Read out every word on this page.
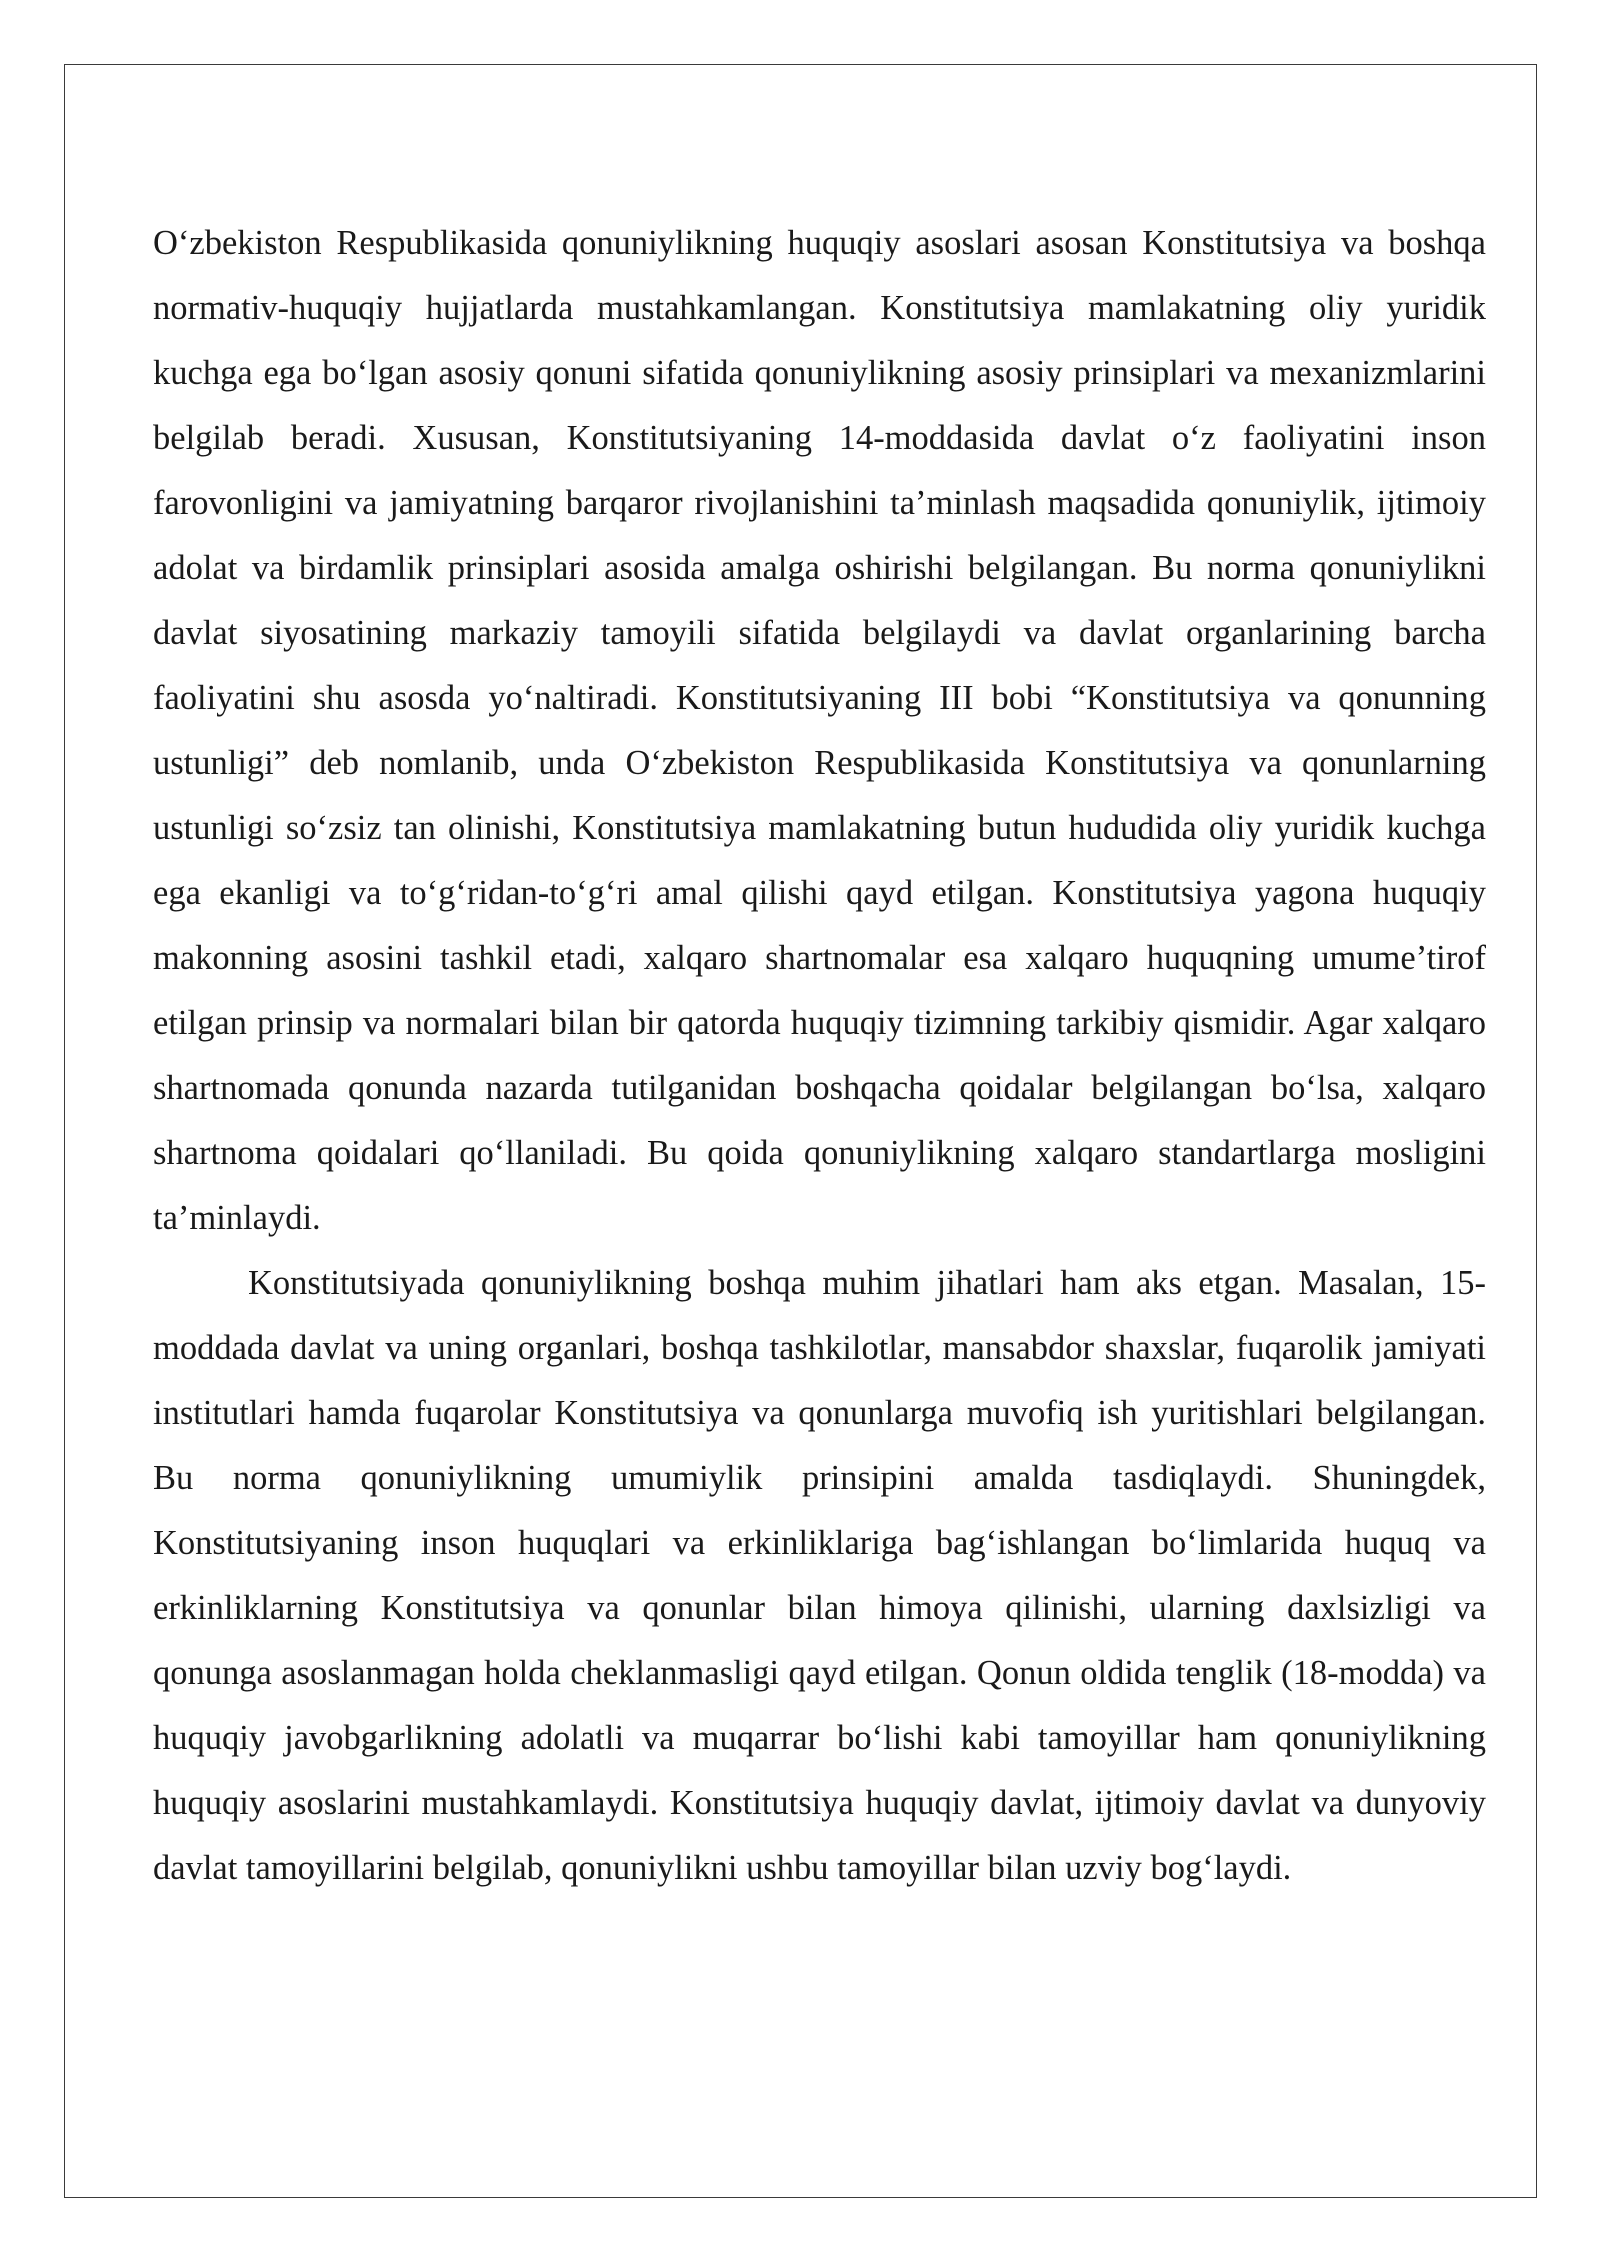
O‘zbekiston Respublikasida qonuniylikning huquqiy asoslari asosan Konstitutsiya va boshqa normativ-huquqiy hujjatlarda mustahkamlangan. Konstitutsiya mamlakatning oliy yuridik kuchga ega bo‘lgan asosiy qonuni sifatida qonuniylikning asosiy prinsiplari va mexanizmlarini belgilab beradi. Xususan, Konstitutsiyaning 14-moddasida davlat o‘z faoliyatini inson farovonligini va jamiyatning barqaror rivojlanishini ta’minlash maqsadida qonuniylik, ijtimoiy adolat va birdamlik prinsiplari asosida amalga oshirishi belgilangan. Bu norma qonuniylikni davlat siyosatining markaziy tamoyili sifatida belgilaydi va davlat organlarining barcha faoliyatini shu asosda yo‘naltiradi. Konstitutsiyaning III bobi “Konstitutsiya va qonunning ustunligi” deb nomlanib, unda O‘zbekiston Respublikasida Konstitutsiya va qonunlarning ustunligi so‘zsiz tan olinishi, Konstitutsiya mamlakatning butun hududida oliy yuridik kuchga ega ekanligi va to‘g‘ridan-to‘g‘ri amal qilishi qayd etilgan. Konstitutsiya yagona huquqiy makonning asosini tashkil etadi, xalqaro shartnomalar esa xalqaro huquqning umume’tirof etilgan prinsip va normalari bilan bir qatorda huquqiy tizimning tarkibiy qismidir. Agar xalqaro shartnomada qonunda nazarda tutilganidan boshqacha qoidalar belgilangan bo‘lsa, xalqaro shartnoma qoidalari qo‘llaniladi. Bu qoida qonuniylikning xalqaro standartlarga mosligini ta’minlaydi.

Konstitutsiyada qonuniylikning boshqa muhim jihatlari ham aks etgan. Masalan, 15-moddada davlat va uning organlari, boshqa tashkilotlar, mansabdor shaxslar, fuqarolik jamiyati institutlari hamda fuqarolar Konstitutsiya va qonunlarga muvofiq ish yuritishlari belgilangan. Bu norma qonuniylikning umumiylik prinsipini amalda tasdiqlaydi. Shuningdek, Konstitutsiyaning inson huquqlari va erkinliklariga bag‘ishlangan bo‘limlarida huquq va erkinliklarning Konstitutsiya va qonunlar bilan himoya qilinishi, ularning daxlsizligi va qonunga asoslanmagan holda cheklanmasligi qayd etilgan. Qonun oldida tenglik (18-modda) va huquqiy javobgarlikning adolatli va muqarrar bo‘lishi kabi tamoyillar ham qonuniylikning huquqiy asoslarini mustahkamlaydi. Konstitutsiya huquqiy davlat, ijtimoiy davlat va dunyoviy davlat tamoyillarini belgilab, qonuniylikni ushbu tamoyillar bilan uzviy bog‘laydi.
